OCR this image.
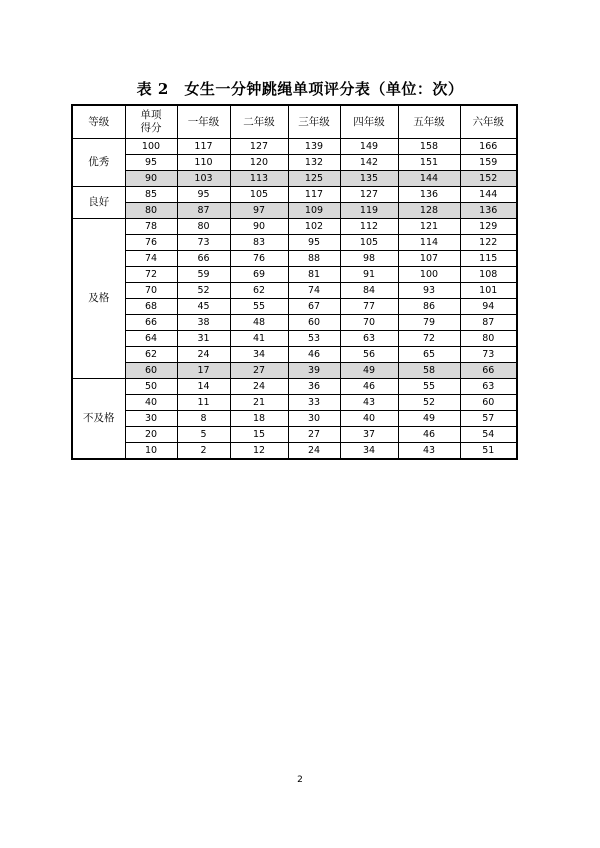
表 2　女生一分钟跳绳单项评分表（单位：次）
等级	单项得分	一年级	二年级	三年级	四年级	五年级	六年级
优秀	100	117	127	139	149	158	166
	95	110	120	132	142	151	159
	90	103	113	125	135	144	152
良好	85	95	105	117	127	136	144
	80	87	97	109	119	128	136
及格	78	80	90	102	112	121	129
	76	73	83	95	105	114	122
	74	66	76	88	98	107	115
	72	59	69	81	91	100	108
	70	52	62	74	84	93	101
	68	45	55	67	77	86	94
	66	38	48	60	70	79	87
	64	31	41	53	63	72	80
	62	24	34	46	56	65	73
	60	17	27	39	49	58	66
不及格	50	14	24	36	46	55	63
	40	11	21	33	43	52	60
	30	8	18	30	40	49	57
	20	5	15	27	37	46	54
	10	2	12	24	34	43	51
2
